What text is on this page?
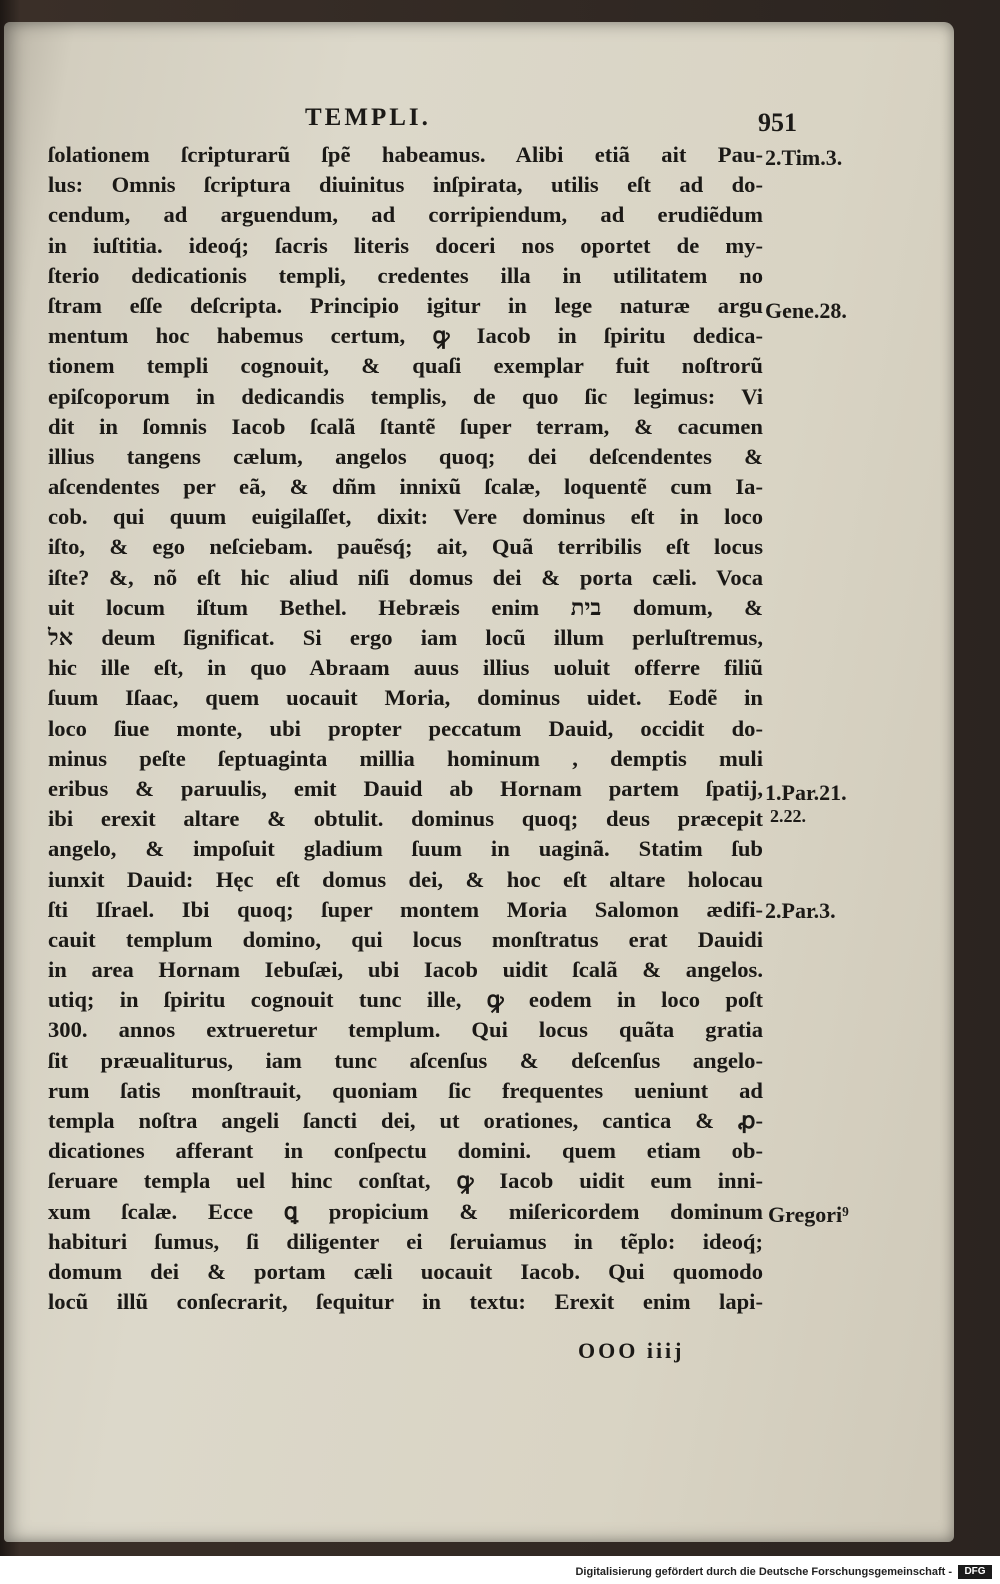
TEMPLI.	951
ſolationem ſcripturarũ ſpẽ habeamus. Alibi etiã ait Pau-
lus: Omnis ſcriptura diuinitus inſpirata, utilis eſt ad do-
cendum, ad arguendum, ad corripiendum, ad erudiẽdum
in iuſtitia. ideoq́; ſacris literis doceri nos oportet de my-
ſterio dedicationis templi, credentes illa in utilitatem no
ſtram eſſe deſcripta. Principio igitur in lege naturæ argu
mentum hoc habemus certum, ꝙ Iacob in ſpiritu dedica-
tionem templi cognouit, & quaſi exemplar fuit noſtrorũ
epiſcoporum in dedicandis templis, de quo ſic legimus: Vi
dit in ſomnis Iacob ſcalã ſtantẽ ſuper terram, & cacumen
illius tangens cælum, angelos quoq; dei deſcendentes &
aſcendentes per eã, & dñm innixũ ſcalæ, loquentẽ cum Ia-
cob. qui quum euigilaſſet, dixit: Vere dominus eſt in loco
iſto, & ego neſciebam. pauẽsq́; ait, Quã terribilis eſt locus
iſte? &, nõ eſt hic aliud niſi domus dei & porta cæli. Voca
uit locum iſtum Bethel. Hebræis enim בית domum, &
אל deum ſignificat. Si ergo iam locũ illum perluſtremus,
hic ille eſt, in quo Abraam auus illius uoluit offerre filiũ
ſuum Iſaac, quem uocauit Moria, dominus uidet. Eodẽ in
loco ſiue monte, ubi propter peccatum Dauid, occidit do-
minus peſte ſeptuaginta millia hominum , demptis muli
eribus & paruulis, emit Dauid ab Hornam partem ſpatij,
ibi erexit altare & obtulit. dominus quoq; deus præcepit
angelo, & impoſuit gladium ſuum in uaginã. Statim ſub
iunxit Dauid: Hęc eſt domus dei, & hoc eſt altare holocau
ſti Iſrael. Ibi quoq; ſuper montem Moria Salomon ædifi-
cauit templum domino, qui locus monſtratus erat Dauidi
in area Hornam Iebuſæi, ubi Iacob uidit ſcalã & angelos.
utiq; in ſpiritu cognouit tunc ille, ꝙ eodem in loco poſt
300. annos extrueretur templum. Qui locus quãta gratia
ſit præualiturus, iam tunc aſcenſus & deſcenſus angelo-
rum ſatis monſtrauit, quoniam ſic frequentes ueniunt ad
templa noſtra angeli ſancti dei, ut orationes, cantica & ꝓ-
dicationes afferant in conſpectu domini. quem etiam ob-
ſeruare templa uel hinc conſtat, ꝙ Iacob uidit eum inni-
xum ſcalæ. Ecce ꝗ propicium & miſericordem dominum
habituri ſumus, ſi diligenter ei ſeruiamus in tẽplo: ideoq́;
domum dei & portam cæli uocauit Iacob. Qui quomodo
locũ illũ conſecrarit, ſequitur in textu: Erexit enim lapi-
2.Tim.3.
Gene.28.
1.Par.21.
2.22.
2.Par.3.
Gregori⁹
OOO iiij
Digitalisierung gefördert durch die Deutsche Forschungsgemeinschaft -	DFG
